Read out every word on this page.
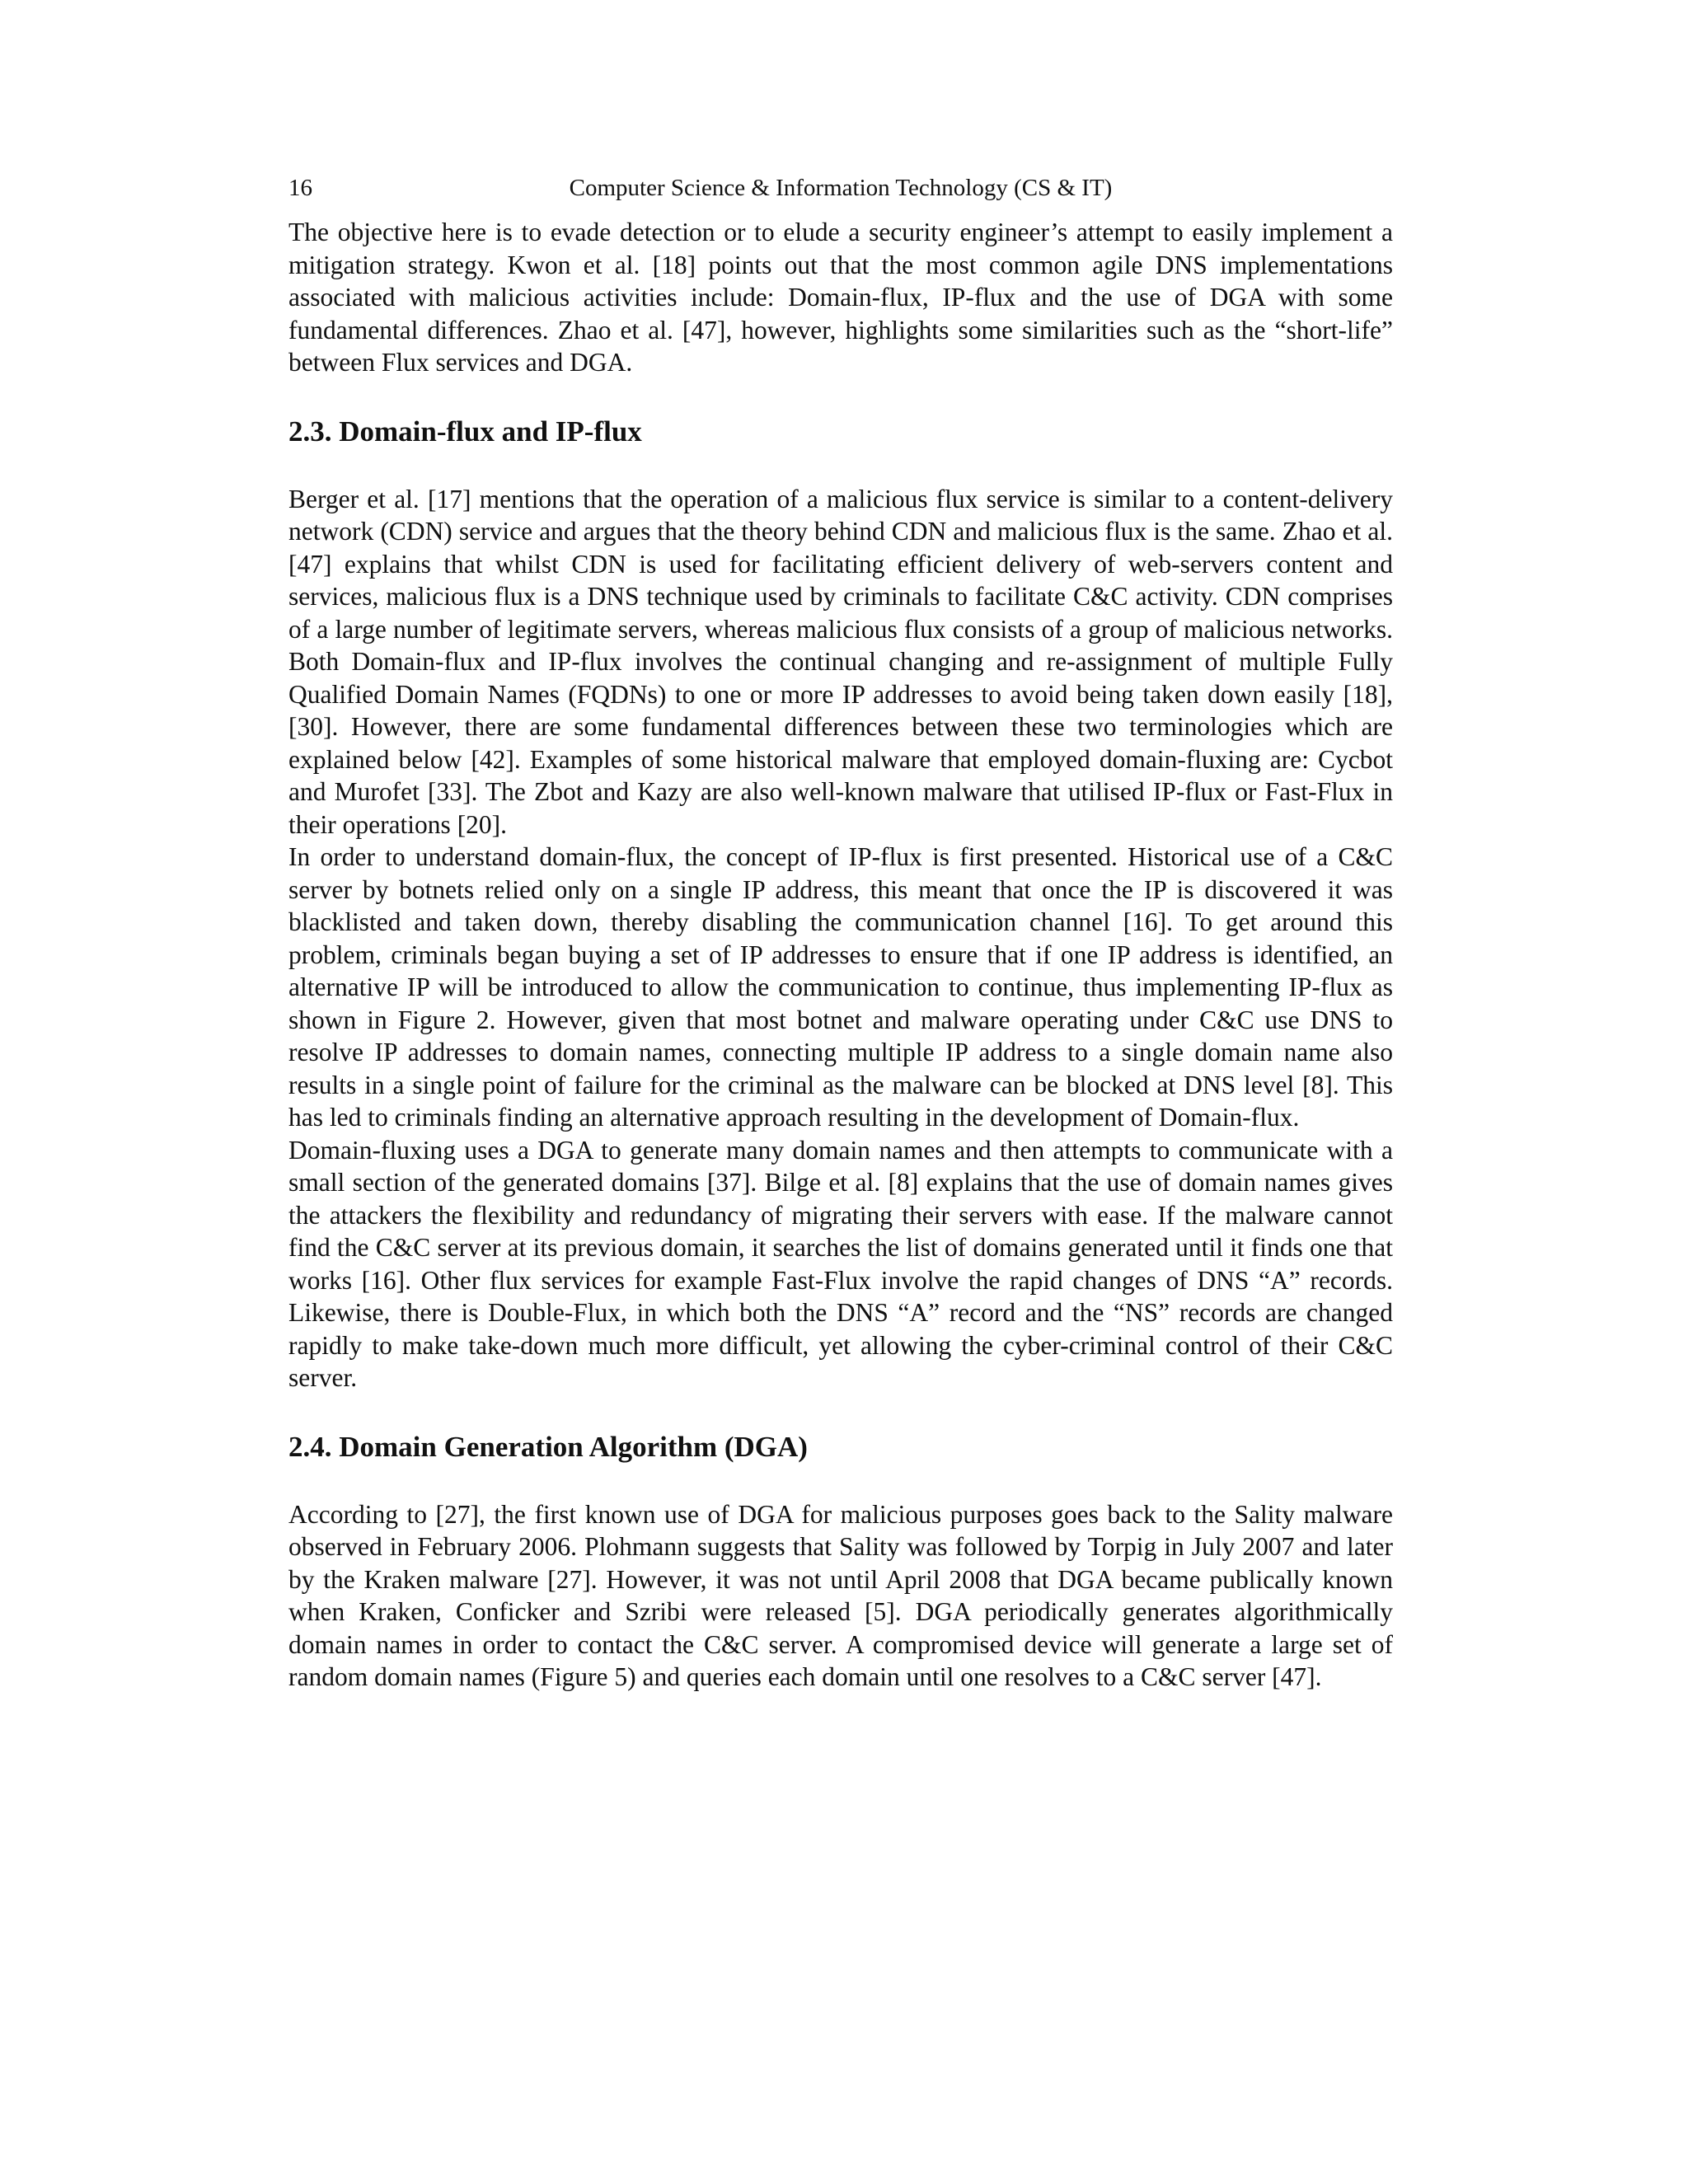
16	Computer Science & Information Technology (CS & IT)

The objective here is to evade detection or to elude a security engineer’s attempt to easily implement a mitigation strategy. Kwon et al. [18] points out that the most common agile DNS implementations associated with malicious activities include: Domain-flux, IP-flux and the use of DGA with some fundamental differences. Zhao et al. [47], however, highlights some similarities such as the “short-life” between Flux services and DGA.

2.3. Domain-flux and IP-flux

Berger et al. [17] mentions that the operation of a malicious flux service is similar to a content-delivery network (CDN) service and argues that the theory behind CDN and malicious flux is the same. Zhao et al. [47] explains that whilst CDN is used for facilitating efficient delivery of web-servers content and services, malicious flux is a DNS technique used by criminals to facilitate C&C activity. CDN comprises of a large number of legitimate servers, whereas malicious flux consists of a group of malicious networks. Both Domain-flux and IP-flux involves the continual changing and re-assignment of multiple Fully Qualified Domain Names (FQDNs) to one or more IP addresses to avoid being taken down easily [18], [30]. However, there are some fundamental differences between these two terminologies which are explained below [42]. Examples of some historical malware that employed domain-fluxing are: Cycbot and Murofet [33]. The Zbot and Kazy are also well-known malware that utilised IP-flux or Fast-Flux in their operations [20].

In order to understand domain-flux, the concept of IP-flux is first presented. Historical use of a C&C server by botnets relied only on a single IP address, this meant that once the IP is discovered it was blacklisted and taken down, thereby disabling the communication channel [16]. To get around this problem, criminals began buying a set of IP addresses to ensure that if one IP address is identified, an alternative IP will be introduced to allow the communication to continue, thus implementing IP-flux as shown in Figure 2. However, given that most botnet and malware operating under C&C use DNS to resolve IP addresses to domain names, connecting multiple IP address to a single domain name also results in a single point of failure for the criminal as the malware can be blocked at DNS level [8]. This has led to criminals finding an alternative approach resulting in the development of Domain-flux.

Domain-fluxing uses a DGA to generate many domain names and then attempts to communicate with a small section of the generated domains [37]. Bilge et al. [8] explains that the use of domain names gives the attackers the flexibility and redundancy of migrating their servers with ease. If the malware cannot find the C&C server at its previous domain, it searches the list of domains generated until it finds one that works [16]. Other flux services for example Fast-Flux involve the rapid changes of DNS “A” records. Likewise, there is Double-Flux, in which both the DNS “A” record and the “NS” records are changed rapidly to make take-down much more difficult, yet allowing the cyber-criminal control of their C&C server.

2.4. Domain Generation Algorithm (DGA)

According to [27], the first known use of DGA for malicious purposes goes back to the Sality malware observed in February 2006. Plohmann suggests that Sality was followed by Torpig in July 2007 and later by the Kraken malware [27]. However, it was not until April 2008 that DGA became publically known when Kraken, Conficker and Szribi were released [5]. DGA periodically generates algorithmically domain names in order to contact the C&C server. A compromised device will generate a large set of random domain names (Figure 5) and queries each domain until one resolves to a C&C server [47].
